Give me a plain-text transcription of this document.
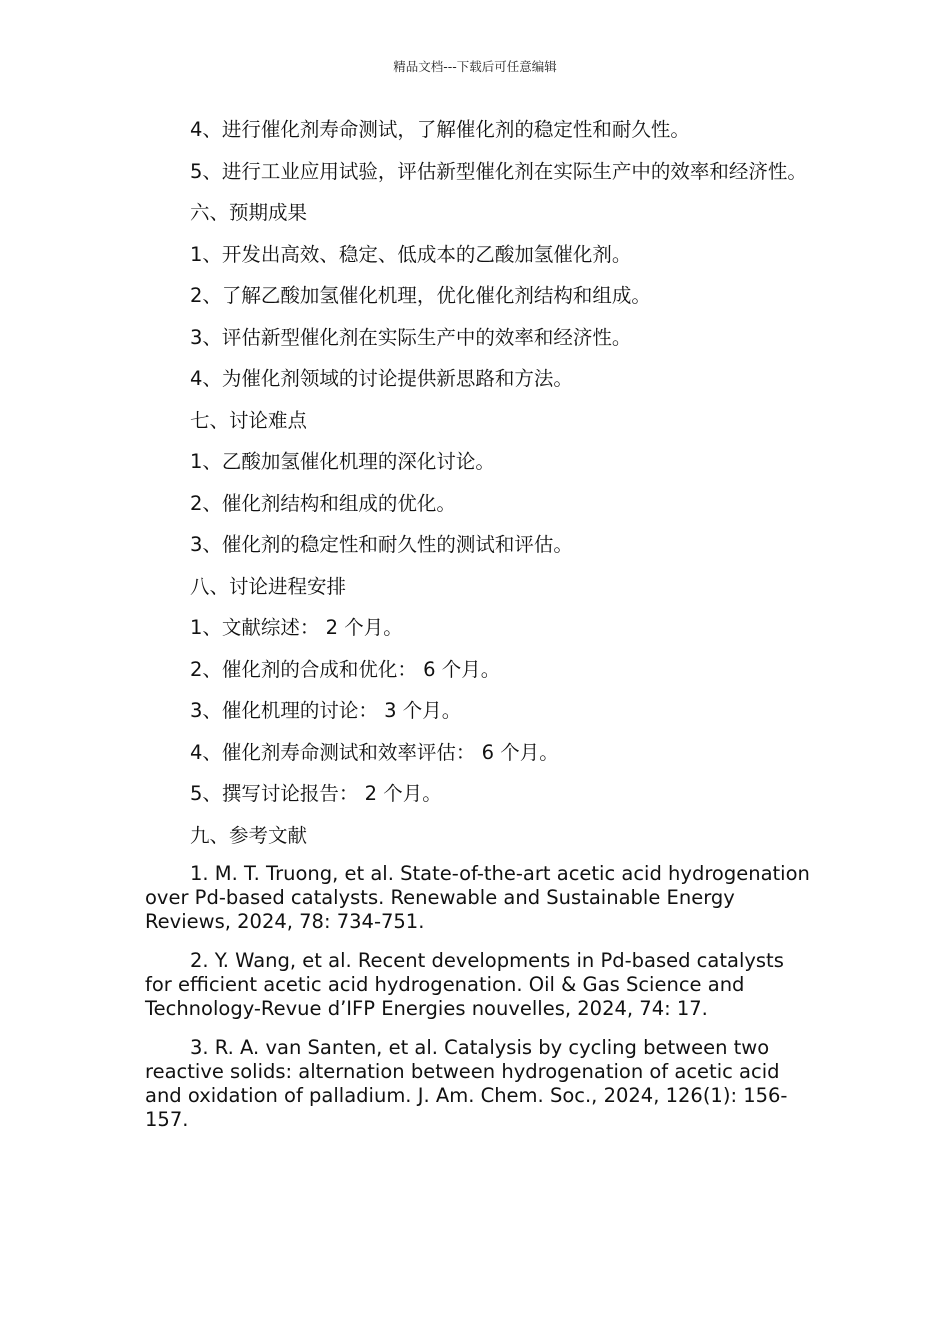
精品文档---下载后可任意编辑

4、进行催化剂寿命测试，了解催化剂的稳定性和耐久性。

5、进行工业应用试验，评估新型催化剂在实际生产中的效率和经济性。

六、预期成果

1、开发出高效、稳定、低成本的乙酸加氢催化剂。

2、了解乙酸加氢催化机理，优化催化剂结构和组成。

3、评估新型催化剂在实际生产中的效率和经济性。

4、为催化剂领域的讨论提供新思路和方法。

七、讨论难点

1、乙酸加氢催化机理的深化讨论。

2、催化剂结构和组成的优化。

3、催化剂的稳定性和耐久性的测试和评估。

八、讨论进程安排

1、文献综述： 2 个月。

2、催化剂的合成和优化： 6 个月。

3、催化机理的讨论： 3 个月。

4、催化剂寿命测试和效率评估： 6 个月。

5、撰写讨论报告： 2 个月。

九、参考文献

1. M. T. Truong, et al. State-of-the-art acetic acid hydrogenation over Pd-based catalysts. Renewable and Sustainable Energy Reviews, 2024, 78: 734-751.

2. Y. Wang, et al. Recent developments in Pd-based catalysts for efficient acetic acid hydrogenation. Oil & Gas Science and Technology-Revue d’IFP Energies nouvelles, 2024, 74: 17.

3. R. A. van Santen, et al. Catalysis by cycling between two reactive solids: alternation between hydrogenation of acetic acid and oxidation of palladium. J. Am. Chem. Soc., 2024, 126(1): 156-157.
